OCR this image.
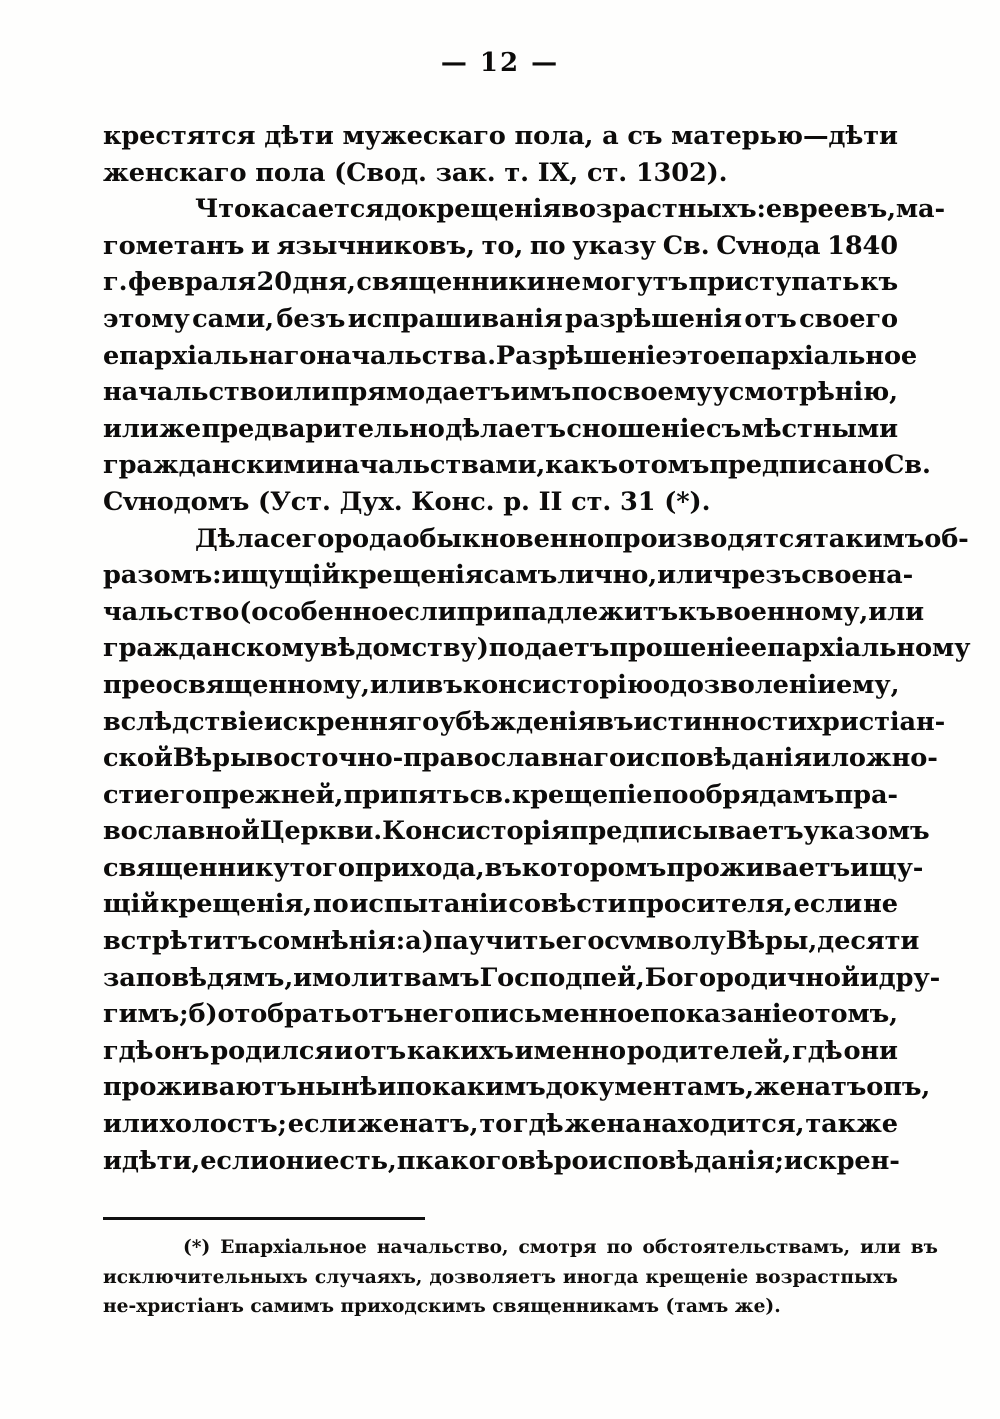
— 12 —
крестятся дѣти мужескаго пола, а съ матерью—дѣти
женскаго пола (Свод. зак. т. IX, ст. 1302).
Что касается до крещенія возрастныхъ: евреевъ, ма-
гометанъ и язычниковъ, то, по указу Св. Сvнода 1840
г. февраля 20 дня, священники не могутъ приступать къ
этому сами, безъ испрашиванія разрѣшенія отъ своего
епархіальнаго начальства. Разрѣшеніе это епархіальное
начальство или прямо даетъ имъ по своему усмотрѣнію,
или же предварительно дѣлаетъ сношеніе съ мѣстными
гражданскими начальствами, какъ о томъ предписано Св.
Сvнодомъ (Уст. Дух. Конс. р. II ст. 31 (*).
Дѣла сего рода обыкновенно производятся такимъ об-
разомъ: ищущій крещенія самъ лично, или чрезъ свое на-
чальство (особенно если припадлежитъ къ военному, или
гражданскому вѣдомству)подаетъ прошеніе епархіальному
преосвященному, или въ консисторію о дозволеніи ему,
вслѣдствіе искренняго убѣжденія въ истинности христіан-
ской Вѣры восточно-православнаго исповѣданія и ложно-
сти его прежней, припять св. крещепіе по обрядамъ пра-
вославной Церкви. Консисторія предписываетъ указомъ
священнику того прихода, въ которомъ проживаетъ ищу-
щій крещенія, по испытаніи совѣсти просителя, если не
встрѣтитъ сомнѣнія: а) паучить его сvмволу Вѣры, десяти
заповѣдямъ, и молитвамъ Господпей, Богородичной и дру-
гимъ; б) отобрать отъ него письменное показаніе о томъ,
гдѣ онъ родился и отъ какихъ именно родителей, гдѣ они
проживаютъ нынѣ и по какимъ документамъ, женатъ опъ,
или холостъ; если женатъ, то гдѣ жена находится, также
и дѣти, если они есть, п какого вѣроисповѣданія; искрен-
(*) Епархіальное начальство, смотря по обстоятельствамъ, или въ
исключительныхъ случаяхъ, дозволяетъ иногда крещеніе возрастпыхъ
не-христіанъ самимъ приходскимъ священникамъ (тамъ же).
